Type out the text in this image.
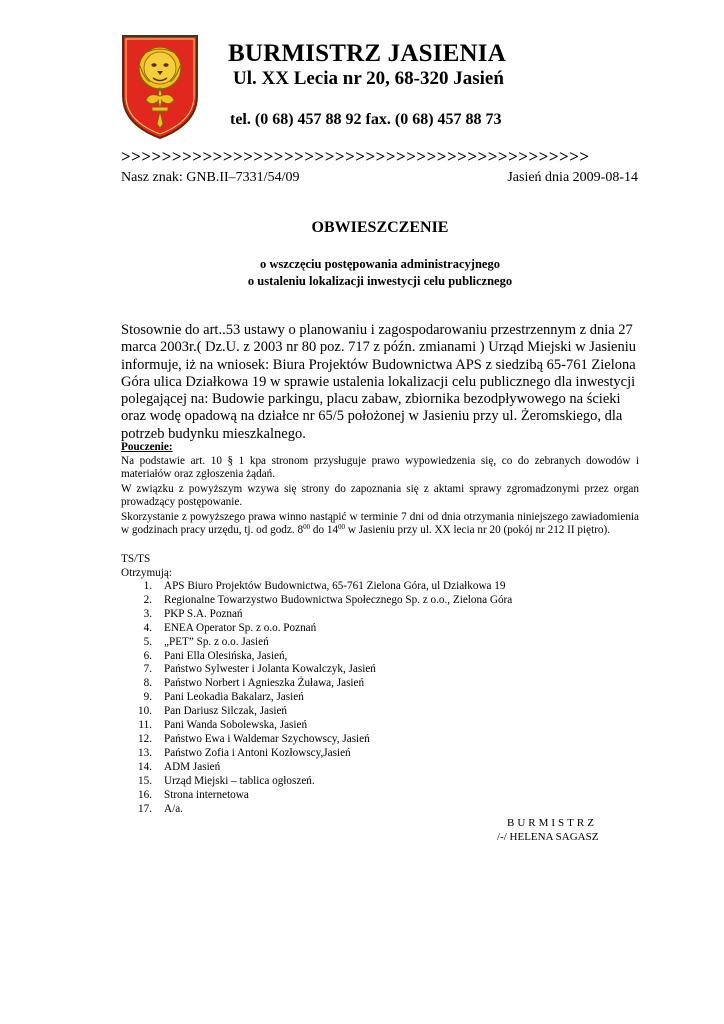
BURMISTRZ JASIENIA
Ul. XX Lecia nr 20, 68-320 Jasień
tel. (0 68) 457 88 92 fax. (0 68) 457 88 73
>>>>>>>>>>>>>>>>>>>>>>>>>>>>>>>>>>>>>>>>>>>>>>
Nasz znak: GNB.II–7331/54/09	Jasień dnia 2009-08-14
OBWIESZCZENIE
o wszczęciu postępowania administracyjnego
o ustaleniu lokalizacji inwestycji celu publicznego
Stosownie do art..53 ustawy o planowaniu i zagospodarowaniu przestrzennym z dnia 27 marca 2003r.( Dz.U. z 2003 nr 80 poz. 717 z późn. zmianami ) Urząd Miejski w Jasieniu informuje, iż na wniosek: Biura Projektów Budownictwa APS z siedzibą 65-761 Zielona Góra ulica Działkowa 19 w sprawie ustalenia lokalizacji celu publicznego dla inwestycji polegającej na: Budowie parkingu, placu zabaw, zbiornika bezodpływowego na ścieki oraz wodę opadową na działce nr 65/5 położonej w Jasieniu przy ul. Żeromskiego, dla potrzeb budynku mieszkalnego.
Pouczenie:
Na podstawie art. 10 § 1 kpa stronom przysługuje prawo wypowiedzenia się, co do zebranych dowodów i materiałów oraz zgłoszenia żądań.
W związku z powyższym wzywa się strony do zapoznania się z aktami sprawy zgromadzonymi przez organ prowadzący postępowanie.
Skorzystanie z powyższego prawa winno nastąpić w terminie 7 dni od dnia otrzymania niniejszego zawiadomienia w godzinach pracy urzędu, tj. od godz. $8^{00}$ do $14^{00}$ w Jasieniu przy ul. XX lecia nr 20 (pokój nr 212 II piętro).
TS/TS
Otrzymują:
1. APS Biuro Projektów Budownictwa, 65-761 Zielona Góra, ul Działkowa 19
2. Regionalne Towarzystwo Budownictwa Społecznego Sp. z o.o., Zielona Góra
3. PKP S.A. Poznań
4. ENEA Operator Sp. z o.o. Poznań
5. „PET” Sp. z o.o. Jasień
6. Pani Ella Olesińska, Jasień,
7. Państwo Sylwester i Jolanta Kowalczyk, Jasień
8. Państwo Norbert i Agnieszka Żuława, Jasień
9. Pani Leokadia Bakalarz, Jasień
10. Pan Dariusz Silczak, Jasień
11. Pani Wanda Sobolewska, Jasień
12. Państwo Ewa i Waldemar Szychowscy, Jasień
13. Państwo Zofia i Antoni Kozłowscy,Jasień
14. ADM Jasień
15. Urząd Miejski – tablica ogłoszeń.
16. Strona internetowa
17. A/a.
BURMISTRZ
/-/ HELENA SAGASZ
